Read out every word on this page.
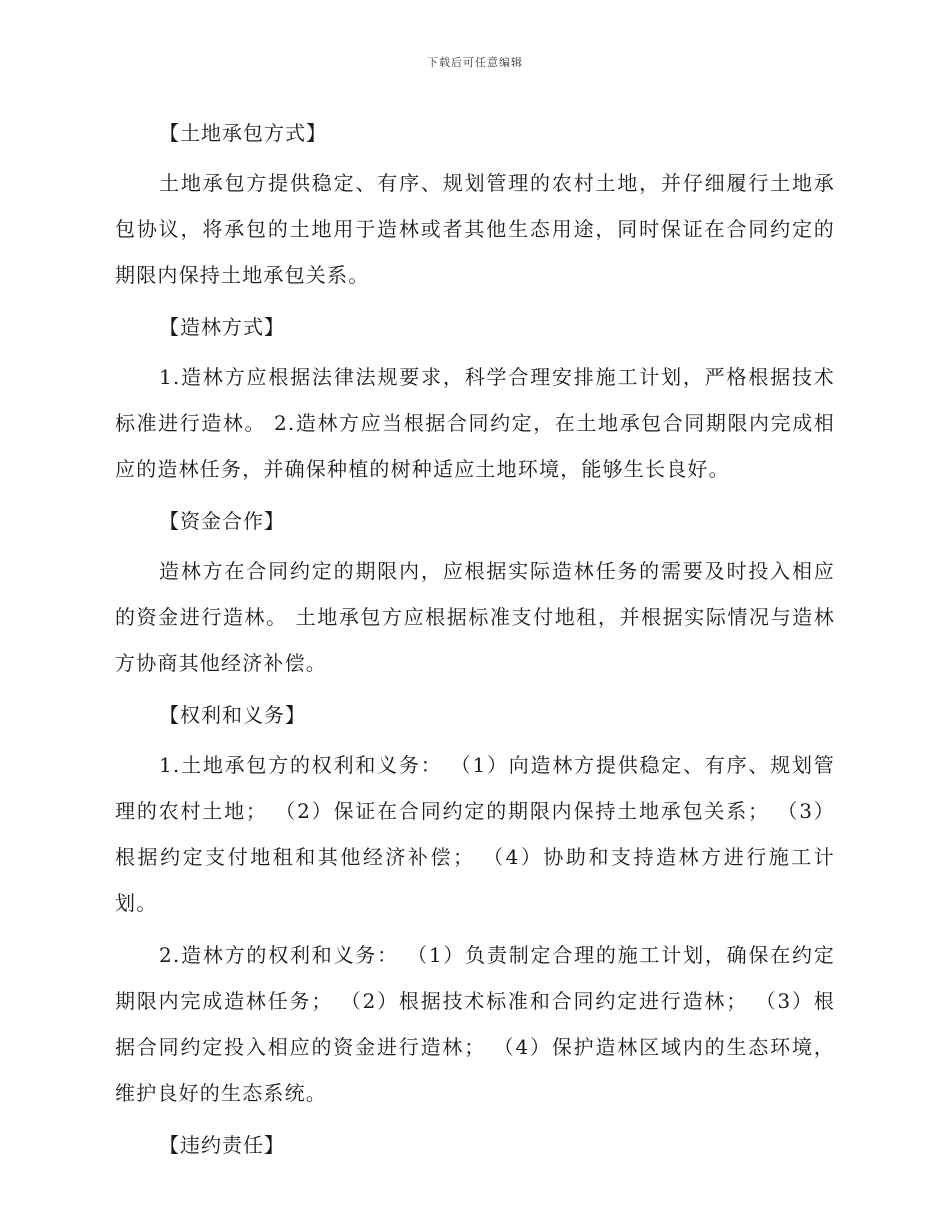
下载后可任意编辑
【土地承包方式】

土地承包方提供稳定、有序、规划管理的农村土地，并仔细履行土地承包协议，将承包的土地用于造林或者其他生态用途，同时保证在合同约定的期限内保持土地承包关系。

【造林方式】

1.造林方应根据法律法规要求，科学合理安排施工计划，严格根据技术标准进行造林。 2.造林方应当根据合同约定，在土地承包合同期限内完成相应的造林任务，并确保种植的树种适应土地环境，能够生长良好。

【资金合作】

造林方在合同约定的期限内，应根据实际造林任务的需要及时投入相应的资金进行造林。 土地承包方应根据标准支付地租，并根据实际情况与造林方协商其他经济补偿。

【权利和义务】

1.土地承包方的权利和义务： （1）向造林方提供稳定、有序、规划管理的农村土地； （2）保证在合同约定的期限内保持土地承包关系； （3）根据约定支付地租和其他经济补偿； （4）协助和支持造林方进行施工计划。

2.造林方的权利和义务： （1）负责制定合理的施工计划，确保在约定期限内完成造林任务； （2）根据技术标准和合同约定进行造林； （3）根据合同约定投入相应的资金进行造林； （4）保护造林区域内的生态环境，维护良好的生态系统。

【违约责任】
